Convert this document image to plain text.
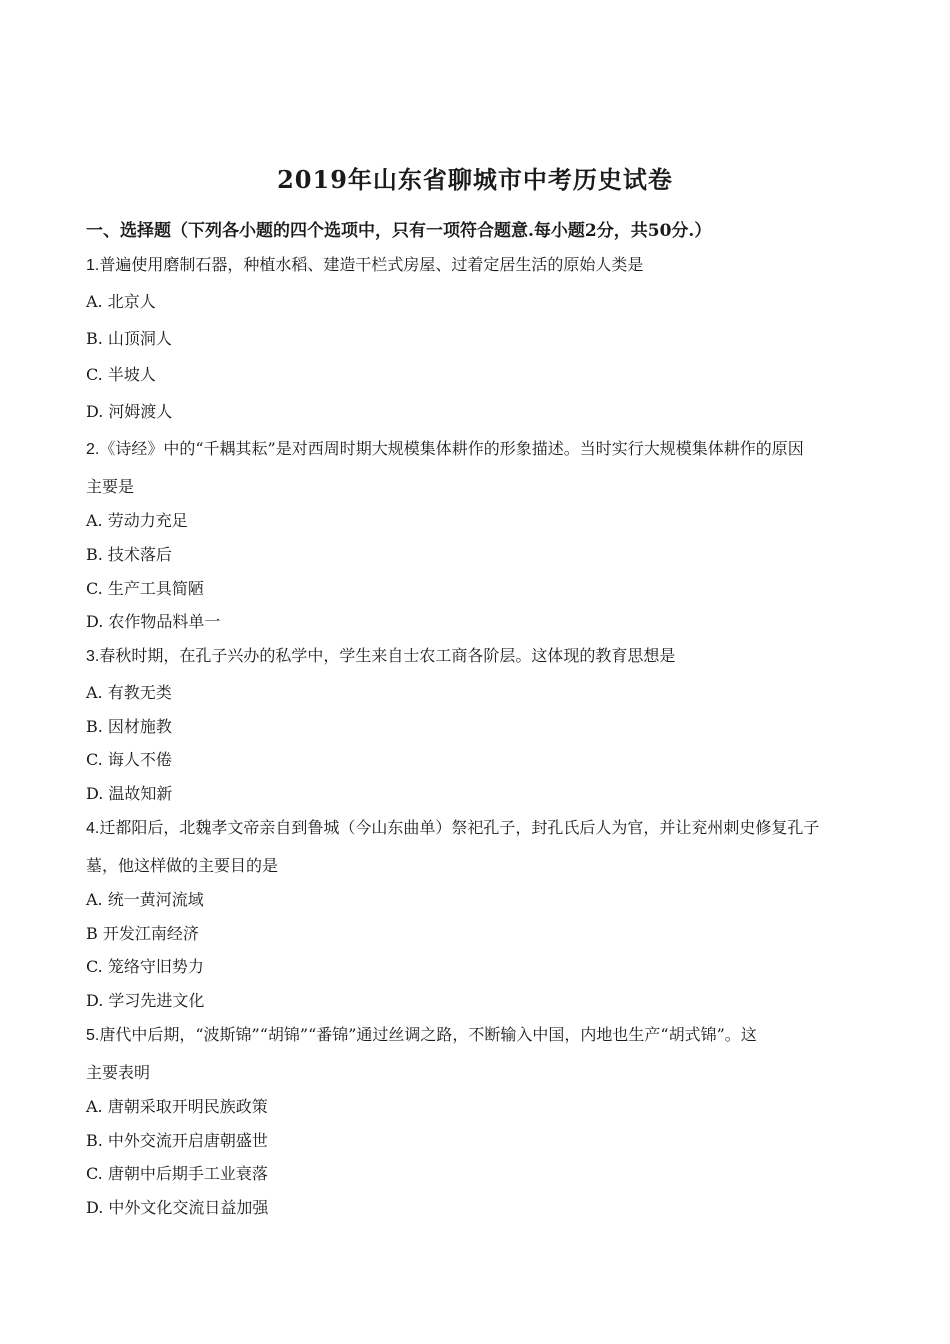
2019年山东省聊城市中考历史试卷
一、选择题（下列各小题的四个选项中，只有一项符合题意.每小题2分，共50分.）
1.普遍使用磨制石器，种植水稻、建造干栏式房屋、过着定居生活的原始人类是
A. 北京人
B. 山顶洞人
C. 半坡人
D. 河姆渡人
2.《诗经》中的“千耦其耘”是对西周时期大规模集体耕作的形象描述。当时实行大规模集体耕作的原因
主要是
A. 劳动力充足
B. 技术落后
C. 生产工具简陋
D. 农作物品料单一
3.春秋时期，在孔子兴办的私学中，学生来自士农工商各阶层。这体现的教育思想是
A. 有教无类
B. 因材施教
C. 诲人不倦
D. 温故知新
4.迁都阳后，北魏孝文帝亲自到鲁城（今山东曲单）祭祀孔子，封孔氏后人为官，并让兖州刺史修复孔子
墓，他这样做的主要目的是
A. 统一黄河流域
B 开发江南经济
C. 笼络守旧势力
D. 学习先进文化
5.唐代中后期，“波斯锦”“胡锦”“番锦”通过丝调之路，不断输入中国，内地也生产“胡式锦”。这
主要表明
A. 唐朝采取开明民族政策
B. 中外交流开启唐朝盛世
C. 唐朝中后期手工业衰落
D. 中外文化交流日益加强
